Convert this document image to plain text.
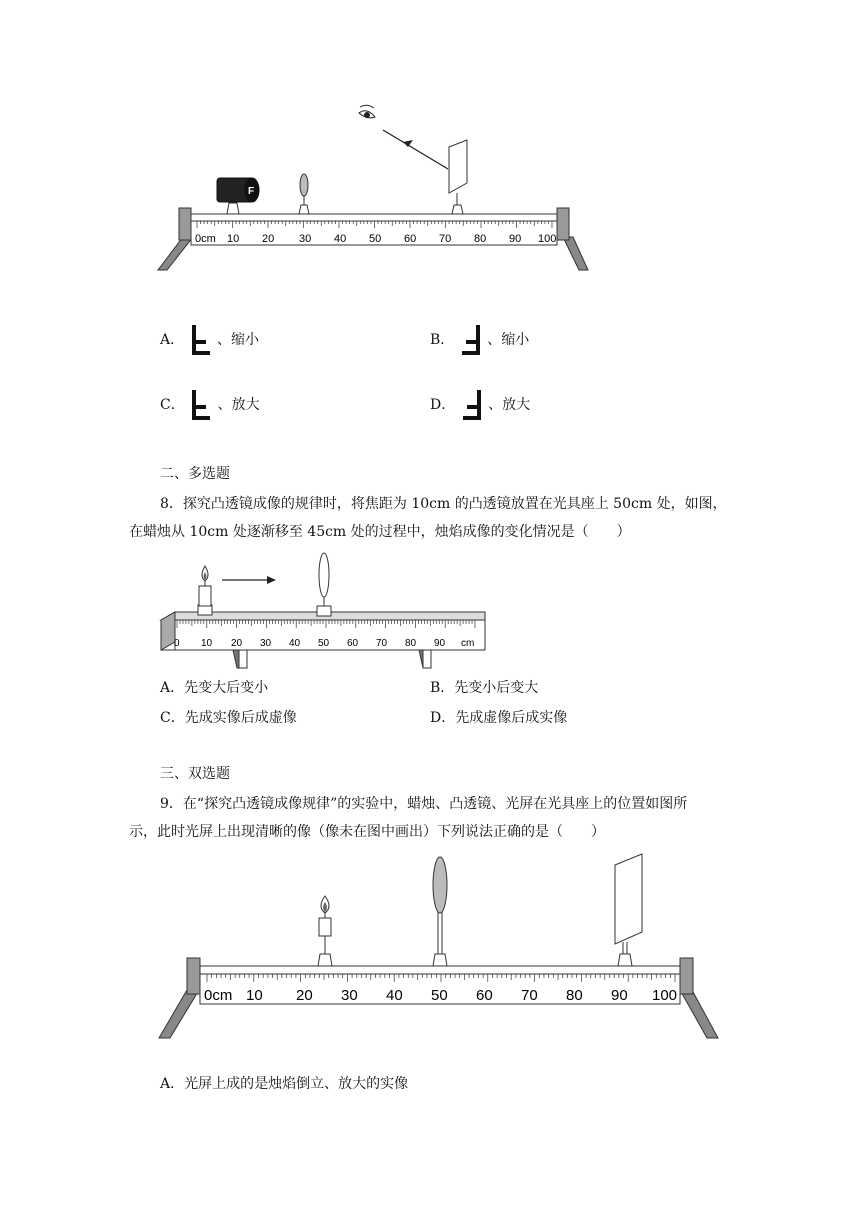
0cm 10 20 30 40 50 60 70 80 90 100
F
A． 、缩小	B． 、缩小
C． 、放大	D． 、放大
二、多选题
8．探究凸透镜成像的规律时，将焦距为 10cm 的凸透镜放置在光具座上 50cm 处，如图，
在蜡烛从 10cm 处逐渐移至 45cm 处的过程中，烛焰成像的变化情况是（　　）
0 10 20 30 40 50 60 70 80 90 cm
A．先变大后变小	B．先变小后变大
C．先成实像后成虚像	D．先成虚像后成实像
三、双选题
9．在“探究凸透镜成像规律”的实验中，蜡烛、凸透镜、光屏在光具座上的位置如图所
示，此时光屏上出现清晰的像（像未在图中画出）下列说法正确的是（　　）
0cm 10 20 30 40 50 60 70 80 90 100
A．光屏上成的是烛焰倒立、放大的实像
